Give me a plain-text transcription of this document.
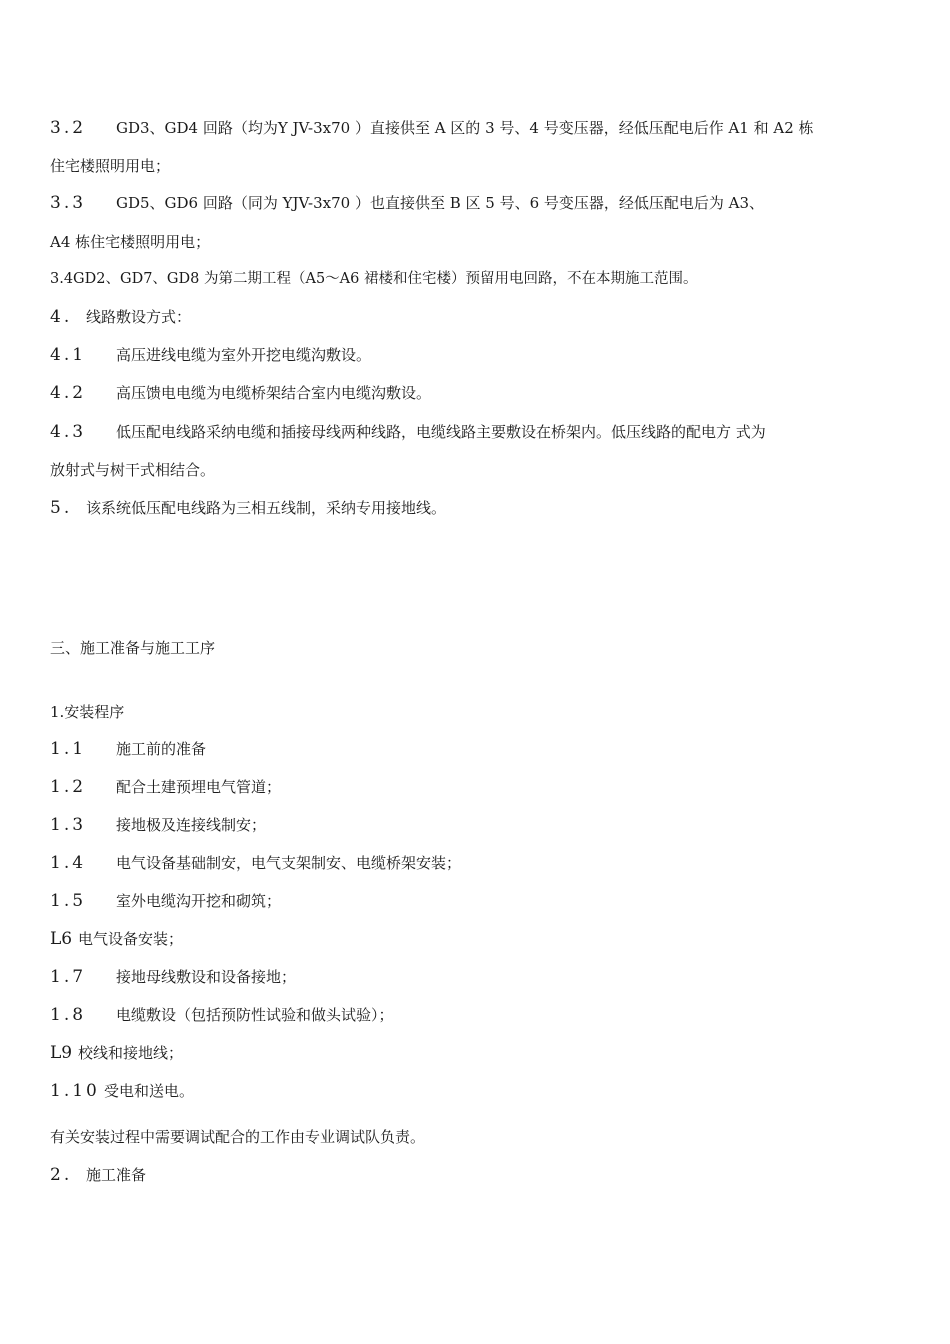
3.2 GD3、GD4 回路（均为Y JV-3x70 ）直接供至 A 区的 3 号、4 号变压器，经低压配电后作 A1 和 A2 栋
住宅楼照明用电；
3.3 GD5、GD6 回路（同为 YJV-3x70 ）也直接供至 B 区 5 号、6 号变压器，经低压配电后为 A3、
A4 栋住宅楼照明用电；
3.4GD2、GD7、GD8 为第二期工程（A5〜A6 裙楼和住宅楼）预留用电回路，不在本期施工范围。
4. 线路敷设方式：
4.1 高压进线电缆为室外开挖电缆沟敷设。
4.2 高压馈电电缆为电缆桥架结合室内电缆沟敷设。
4.3 低压配电线路采纳电缆和插接母线两种线路，电缆线路主要敷设在桥架内。低压线路的配电方 式为
放射式与树干式相结合。
5. 该系统低压配电线路为三相五线制，采纳专用接地线。
三、施工准备与施工工序
1.安装程序
1.1 施工前的准备
1.2 配合土建预埋电气管道；
1.3 接地极及连接线制安；
1.4 电气设备基础制安，电气支架制安、电缆桥架安装；
1.5 室外电缆沟开挖和砌筑；
L6 电气设备安装；
1.7 接地母线敷设和设备接地；
1.8 电缆敷设（包括预防性试验和做头试验）；
L9 校线和接地线；
1.10 受电和送电。
有关安装过程中需要调试配合的工作由专业调试队负责。
2. 施工准备
